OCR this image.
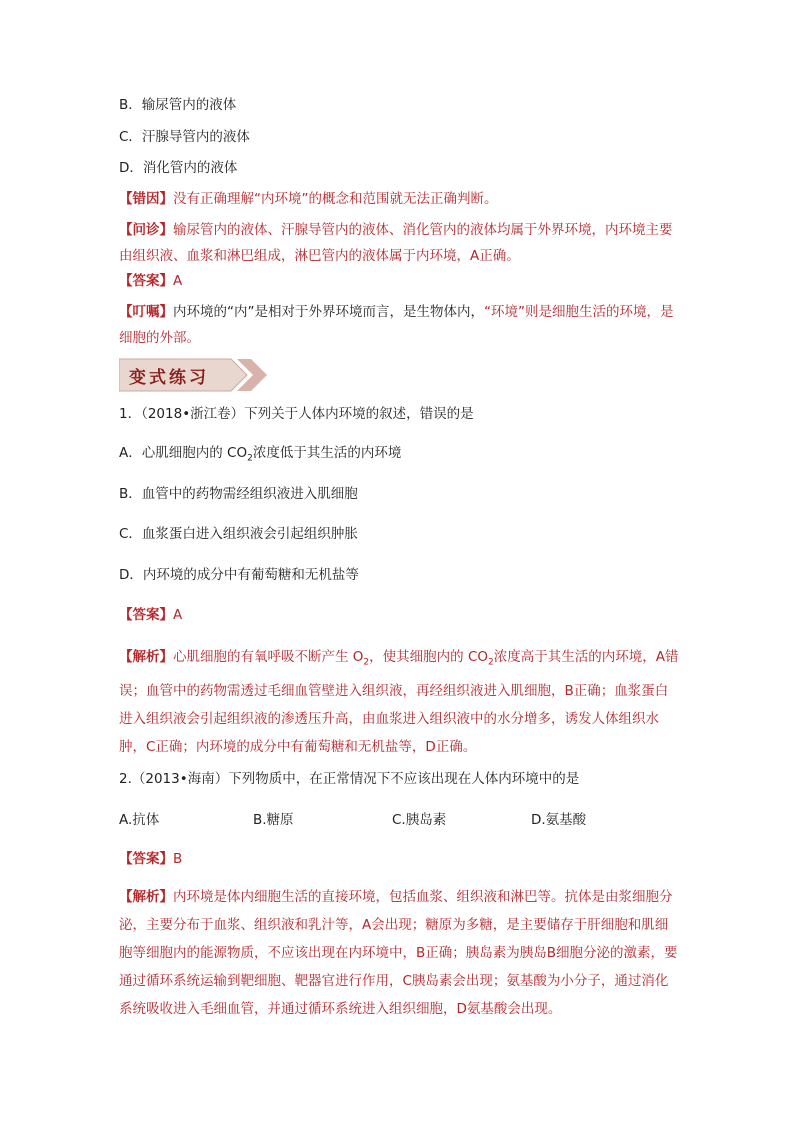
B．输尿管内的液体
C．汗腺导管内的液体
D．消化管内的液体
【错因】没有正确理解“内环境”的概念和范围就无法正确判断。
【问诊】输尿管内的液体、汗腺导管内的液体、消化管内的液体均属于外界环境，内环境主要由组织液、血浆和淋巴组成，淋巴管内的液体属于内环境，A正确。
【答案】A
【叮嘱】内环境的“内”是相对于外界环境而言，是生物体内，“环境”则是细胞生活的环境，是细胞的外部。
变式练习
1．（2018•浙江卷）下列关于人体内环境的叙述，错误的是
A．心肌细胞内的 $CO_2$浓度低于其生活的内环境
B．血管中的药物需经组织液进入肌细胞
C．血浆蛋白进入组织液会引起组织肿胀
D．内环境的成分中有葡萄糖和无机盐等
【答案】A
【解析】心肌细胞的有氧呼吸不断产生 $O_2$，使其细胞内的 $CO_2$浓度高于其生活的内环境，A错误；血管中的药物需透过毛细血管壁进入组织液，再经组织液进入肌细胞，B正确；血浆蛋白进入组织液会引起组织液的渗透压升高，由血浆进入组织液中的水分增多，诱发人体组织水肿，C正确；内环境的成分中有葡萄糖和无机盐等，D正确。
2.（2013•海南）下列物质中，在正常情况下不应该出现在人体内环境中的是
A.抗体	B.糖原	C.胰岛素	D.氨基酸
【答案】B
【解析】内环境是体内细胞生活的直接环境，包括血浆、组织液和淋巴等。抗体是由浆细胞分泌，主要分布于血浆、组织液和乳汁等，A会出现；糖原为多糖，是主要储存于肝细胞和肌细胞等细胞内的能源物质，不应该出现在内环境中，B正确；胰岛素为胰岛B细胞分泌的激素，要通过循环系统运输到靶细胞、靶器官进行作用，C胰岛素会出现；氨基酸为小分子，通过消化系统吸收进入毛细血管，并通过循环系统进入组织细胞，D氨基酸会出现。
